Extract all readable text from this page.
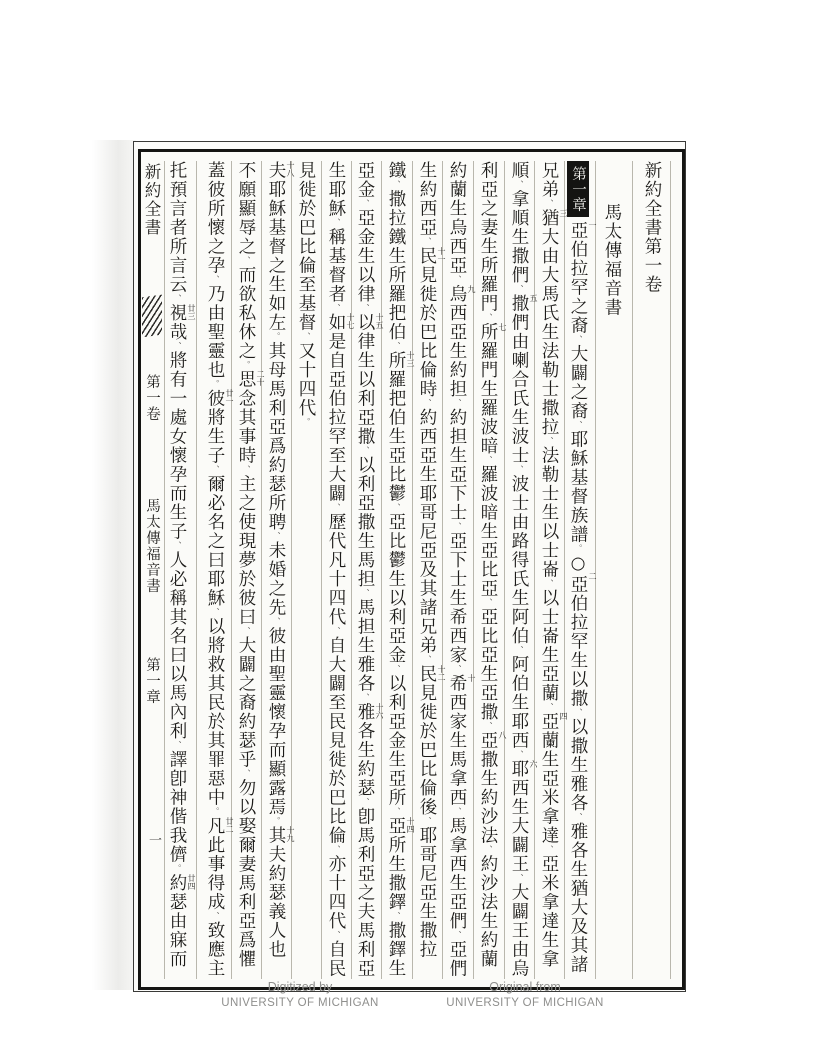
新約全書第一卷
馬太傳福音書
第一章
亞伯拉罕之裔、大闢之裔、耶穌基督族譜。○亞伯拉罕生以撒、以撒生雅各、雅各生猶大及其諸
一
二
兄弟、猶大由大馬氏生法勒士撒拉、法勒士生以士崙、以士崙生亞蘭、亞蘭生亞米拿達、亞米拿達生拿
三
四
順、拿順生撒們、撒們由喇合氏生波士、波士由路得氏生阿伯、阿伯生耶西、耶西生大闢王、大闢王由烏
五
六
利亞之妻生所羅門、所羅門生羅波暗、羅波暗生亞比亞、亞比亞生亞撒、亞撒生約沙法、約沙法生約蘭
七
八
約蘭生烏西亞、烏西亞生約担、約担生亞下士、亞下士生希西家、希西家生馬拿西、馬拿西生亞們、亞們
九
十
生約西亞、民見徙於巴比倫時、約西亞生耶哥尼亞及其諸兄弟、民見徙於巴比倫後、耶哥尼亞生撒拉
十一
十二
鐵、撒拉鐵生所羅把伯、所羅把伯生亞比鬱、亞比鬱生以利亞金、以利亞金生亞所、亞所生撒鐸、撒鐸生
十三
十四
亞金、亞金生以律、以律生以利亞撒、以利亞撒生馬担、馬担生雅各、雅各生約瑟、卽馬利亞之夫馬利亞
十五
十六
生耶穌、稱基督者、如是自亞伯拉罕至大闢、歷代凡十四代、自大闢至民見徙於巴比倫、亦十四代、自民
十七
見徙於巴比倫至基督、又十四代。
夫耶穌基督之生如左。其母馬利亞爲約瑟所聘、未婚之先、彼由聖靈懷孕而顯露焉。其夫約瑟義人也
十八
十九
不願顯辱之、而欲私休之。思念其事時、主之使現夢於彼曰、大闢之裔約瑟乎、勿以娶爾妻馬利亞爲懼
二十
蓋彼所懷之孕、乃由聖靈也。彼將生子、爾必名之曰耶穌、以將救其民於其罪惡中。凡此事得成、致應主
廿一
廿二
托預言者所言云、視哉、將有一處女懷孕而生子、人必稱其名曰以馬內利、譯卽神偕我儕。約瑟由寐而
廿三
廿四
新約全書
第一卷
馬太傳福音書
第一章
一
Digitized by
UNIVERSITY OF MICHIGAN
Original from
UNIVERSITY OF MICHIGAN
